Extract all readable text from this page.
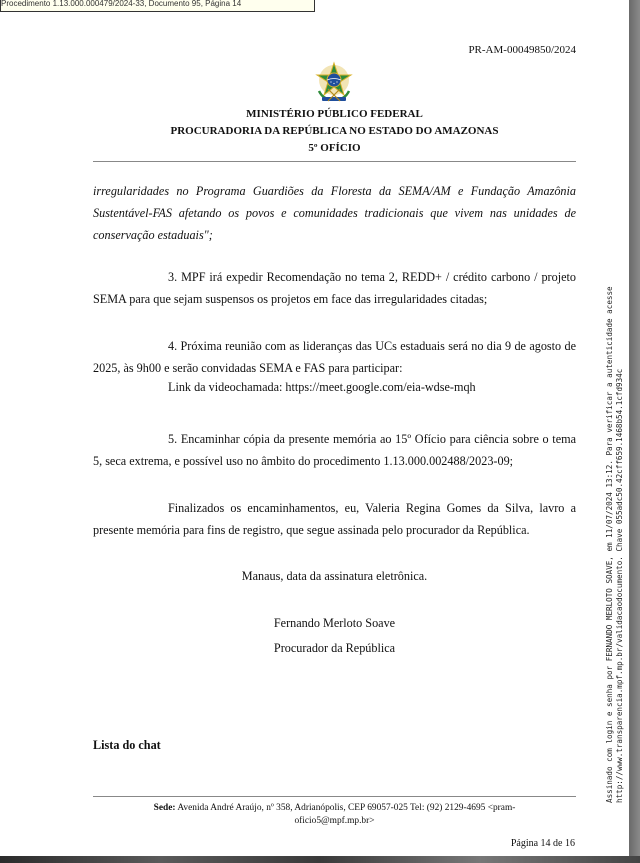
Procedimento 1.13.000.000479/2024-33, Documento 95, Página 14
PR-AM-00049850/2024
MINISTÉRIO PÚBLICO FEDERAL
PROCURADORIA DA REPÚBLICA NO ESTADO DO AMAZONAS
5º OFÍCIO
irregularidades no Programa Guardiões da Floresta da SEMA/AM e Fundação Amazônia Sustentável-FAS afetando os povos e comunidades tradicionais que vivem nas unidades de conservação estaduais";
3. MPF irá expedir Recomendação no tema 2, REDD+ / crédito carbono / projeto SEMA para que sejam suspensos os projetos em face das irregularidades citadas;
4. Próxima reunião com as lideranças das UCs estaduais será no dia 9 de agosto de 2025, às 9h00 e serão convidadas SEMA e FAS para participar:
Link da videochamada: https://meet.google.com/eia-wdse-mqh
5. Encaminhar cópia da presente memória ao 15º Ofício para ciência sobre o tema 5, seca extrema, e possível uso no âmbito do procedimento 1.13.000.002488/2023-09;
Finalizados os encaminhamentos, eu, Valeria Regina Gomes da Silva, lavro a presente memória para fins de registro, que segue assinada pelo procurador da República.
Manaus, data da assinatura eletrônica.
Fernando Merloto Soave
Procurador da República
Lista do chat
Sede: Avenida André Araújo, nº 358, Adrianópolis, CEP 69057-025 Tel: (92) 2129-4695 <pram-
oficio5@mpf.mp.br>
Página 14 de 16
Assinado com login e senha por FERNANDO MERLOTO SOAVE, em 11/07/2024 13:12. Para verificar a autenticidade acesse http://www.transparencia.mpf.mp.br/validacaodocumento. Chave 055adc50.42cff659.1468b54.1cfd934c
